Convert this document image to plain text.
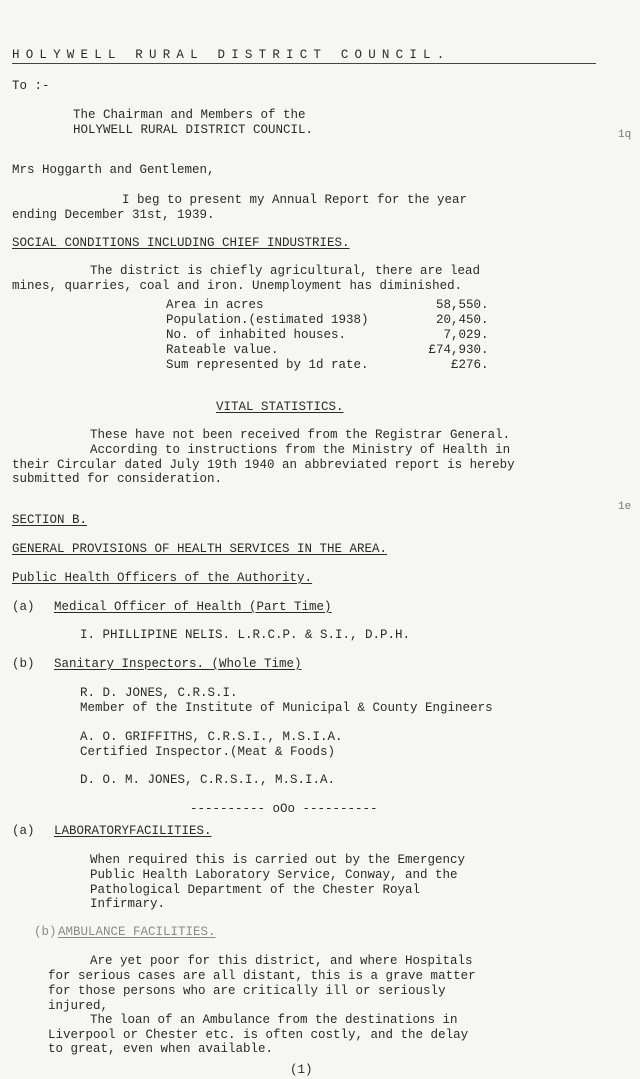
HOLYWELL RURAL DISTRICT COUNCIL.
To :-
The Chairman and Members of the
HOLYWELL RURAL DISTRICT COUNCIL.
Mrs Hoggarth and Gentlemen,
I beg to present my Annual Report for the year
ending December 31st, 1939.
SOCIAL CONDITIONS INCLUDING CHIEF INDUSTRIES.
The district is chiefly agricultural, there are lead
mines, quarries, coal and iron. Unemployment has diminished.
Area in acres	58,550.
Population.(estimated 1938)	20,450.
No. of inhabited houses.	7,029.
Rateable value.	£74,930.
Sum represented by 1d rate.	£276.
VITAL STATISTICS.
These have not been received from the Registrar General.
According to instructions from the Ministry of Health in
their Circular dated July 19th 1940 an abbreviated report is hereby
submitted for consideration.
SECTION B.
GENERAL PROVISIONS OF HEALTH SERVICES IN THE AREA.
Public Health Officers of the Authority.
(a) Medical Officer of Health (Part Time)
I. PHILLIPINE NELIS. L.R.C.P. & S.I., D.P.H.
(b) Sanitary Inspectors. (Whole Time)
R. D. JONES, C.R.S.I.
Member of the Institute of Municipal & County Engineers
A. O. GRIFFITHS, C.R.S.I., M.S.I.A.
Certified Inspector.(Meat & Foods)
D. O. M. JONES, C.R.S.I., M.S.I.A.
---------- oOo ----------
(a) LABORATORYFACILITIES.
When required this is carried out by the Emergency
Public Health Laboratory Service, Conway, and the
Pathological Department of the Chester Royal
Infirmary.
(b) AMBULANCE FACILITIES.
Are yet poor for this district, and where Hospitals
for serious cases are all distant, this is a grave matter
for those persons who are critically ill or seriously
injured,
The loan of an Ambulance from the destinations in
Liverpool or Chester etc. is often costly, and the delay
to great, even when available.
(1)
1q
1e
